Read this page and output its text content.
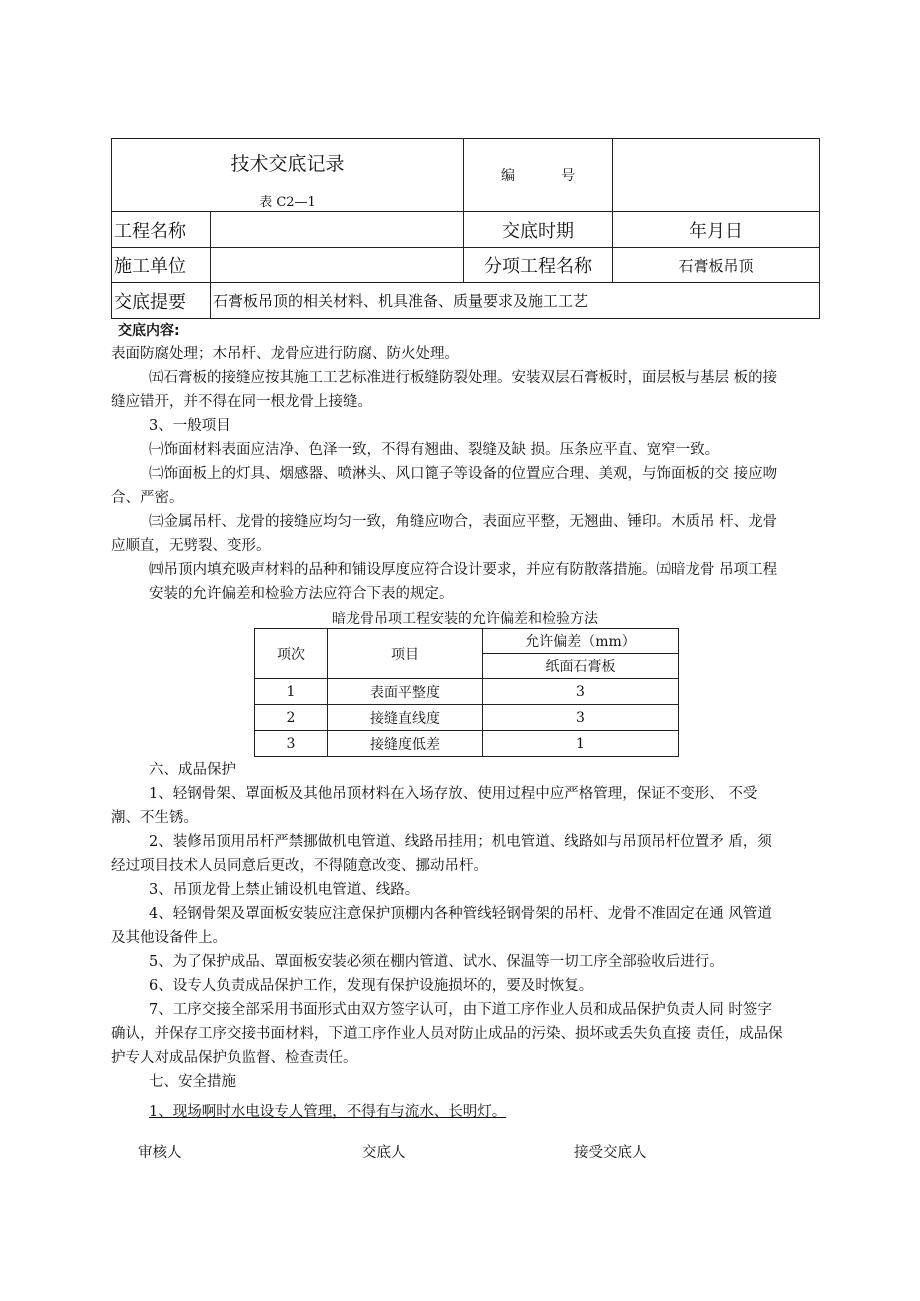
技术交底记录
表 C2—1		编 号	
工程名称		交底时期	年月日
施工单位		分项工程名称	石膏板吊顶
交底提要	石膏板吊顶的相关材料、机具准备、质量要求及施工工艺		
交底内容:
表面防腐处理；木吊杆、龙骨应进行防腐、防火处理。
㈤石膏板的接缝应按其施工工艺标准进行板缝防裂处理。安装双层石膏板时，面层板与基层 板的接
缝应错开，并不得在同一根龙骨上接缝。
3、一般项目
㈠饰面材料表面应洁净、色泽一致，不得有翘曲、裂缝及缺 损。压条应平直、宽窄一致。
㈡饰面板上的灯具、烟感器、喷淋头、风口篦子等设备的位置应合理、美观，与饰面板的交 接应吻
合、严密。
㈢金属吊杆、龙骨的接缝应均匀一致，角缝应吻合，表面应平整，无翘曲、锤印。木质吊 杆、龙骨
应顺直，无劈裂、变形。
㈣吊顶内填充吸声材料的品种和铺设厚度应符合设计要求，并应有防散落措施。㈤暗龙骨 吊项工程
安装的允许偏差和检验方法应符合下表的规定。
暗龙骨吊项工程安装的允许偏差和检验方法
项次	项目	允许偏差（mm）
		纸面石膏板
1	表面平整度	3
2	接缝直线度	3
3	接缝度低差	1
六、成品保护
1、轻钢骨架、罩面板及其他吊顶材料在入场存放、使用过程中应严格管理，保证不变形、 不受
潮、不生锈。
2、装修吊顶用吊杆严禁挪做机电管道、线路吊挂用；机电管道、线路如与吊顶吊杆位置矛 盾，须
经过项目技术人员同意后更改，不得随意改变、挪动吊杆。
3、吊顶龙骨上禁止铺设机电管道、线路。
4、轻钢骨架及罩面板安装应注意保护顶棚内各种管线轻钢骨架的吊杆、龙骨不准固定在通 风管道
及其他设备件上。
5、为了保护成品、罩面板安装必须在棚内管道、试水、保温等一切工序全部验收后进行。
6、设专人负责成品保护工作，发现有保护设施损坏的，要及时恢复。
7、工序交接全部采用书面形式由双方签字认可，由下道工序作业人员和成品保护负责人同 时签字
确认，并保存工序交接书面材料，下道工序作业人员对防止成品的污染、损坏或丢失负直接 责任，成品保
护专人对成品保护负监督、检查责任。
七、安全措施
1、现场啊时水电设专人管理，不得有与流水、长明灯。
审核人	交底人	接受交底人
